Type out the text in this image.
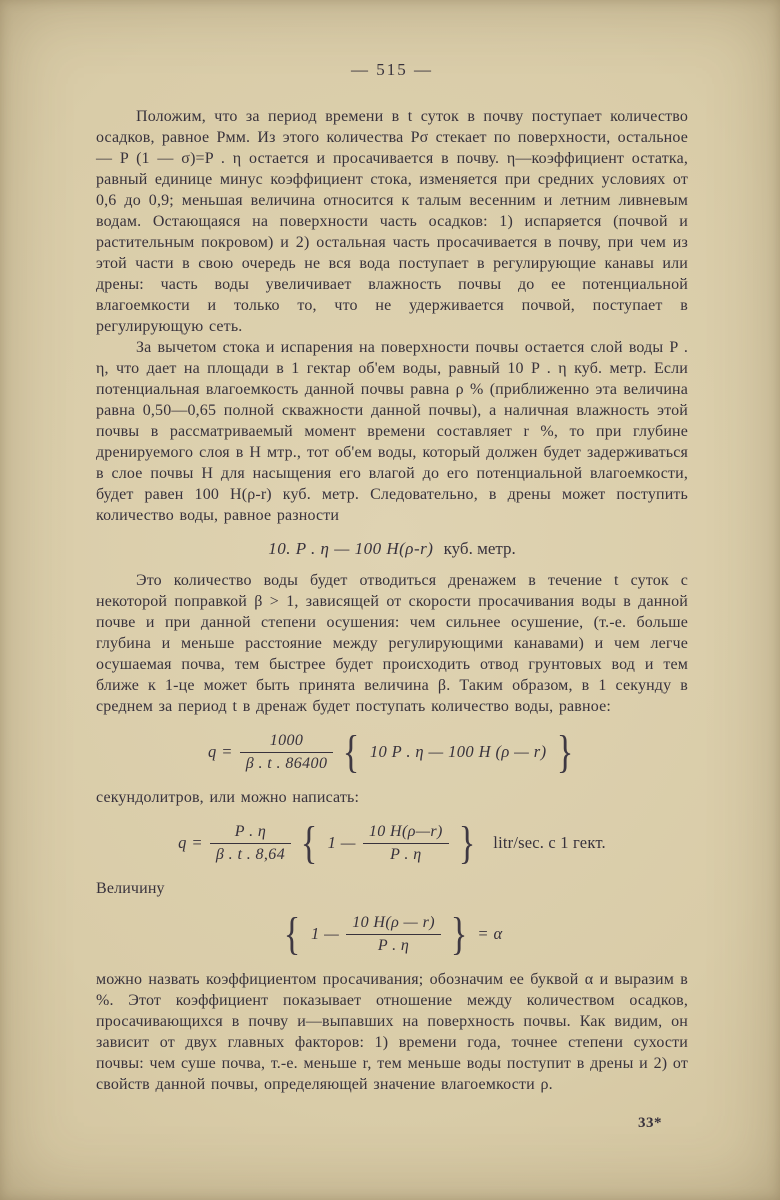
— 515 —

Положим, что за период времени в t суток в почву поступает количество осадков, равное Pмм. Из этого количества Pσ стекает по поверхности, остальное — P (1 — σ)=P . η остается и просачивается в почву. η—коэффициент остатка, равный единице минус коэффициент стока, изменяется при средних условиях от 0,6 до 0,9; меньшая величина относится к талым весенним и летним ливневым водам. Остающаяся на поверхности часть осадков: 1) испаряется (почвой и растительным покровом) и 2) остальная часть просачивается в почву, при чем из этой части в свою очередь не вся вода поступает в регулирующие канавы или дрены: часть воды увеличивает влажность почвы до ее потенциальной влагоемкости и только то, что не удерживается почвой, поступает в регулирующую сеть.

За вычетом стока и испарения на поверхности почвы остается слой воды P . η, что дает на площади в 1 гектар об'ем воды, равный 10 P . η куб. метр. Если потенциальная влагоемкость данной почвы равна ρ % (приближенно эта величина равна 0,50—0,65 полной скважности данной почвы), а наличная влажность этой почвы в рассматриваемый момент времени составляет r %, то при глубине дренируемого слоя в H мтр., тот об'ем воды, который должен будет задерживаться в слое почвы H для насыщения его влагой до его потенциальной влагоемкости, будет равен 100 H(ρ-r) куб. метр. Следовательно, в дрены может поступить количество воды, равное разности

10. P . η — 100 H(ρ-r) куб. метр.

Это количество воды будет отводиться дренажем в течение t суток с некоторой поправкой β > 1, зависящей от скорости просачивания воды в данной почве и при данной степени осушения: чем сильнее осушение, (т.-е. больше глубина и меньше расстояние между регулирующими канавами) и чем легче осушаемая почва, тем быстрее будет происходить отвод грунтовых вод и тем ближе к 1-це может быть принята величина β. Таким образом, в 1 секунду в среднем за период t в дренаж будет поступать количество воды, равное:

$q = \frac{1000}{\beta . t . 86400}$ { 10 P . η — 100 H (ρ — r) }

секундолитров, или можно написать:

$q = \frac{P . \eta}{\beta . t . 8,64}$ { 1 — $\frac{10 H(\rho—r)}{P . \eta}$ } litr/sec. с 1 гект.

Величину

{ 1 — $\frac{10 H(\rho — r)}{P . \eta}$ } = α

можно назвать коэффициентом просачивания; обозначим ее буквой α и выразим в %. Этот коэффициент показывает отношение между количеством осадков, просачивающихся в почву и—выпавших на поверхность почвы. Как видим, он зависит от двух главных факторов: 1) времени года, точнее степени сухости почвы: чем суше почва, т.-е. меньше r, тем меньше воды поступит в дрены и 2) от свойств данной почвы, определяющей значение влагоемкости ρ.

33*
